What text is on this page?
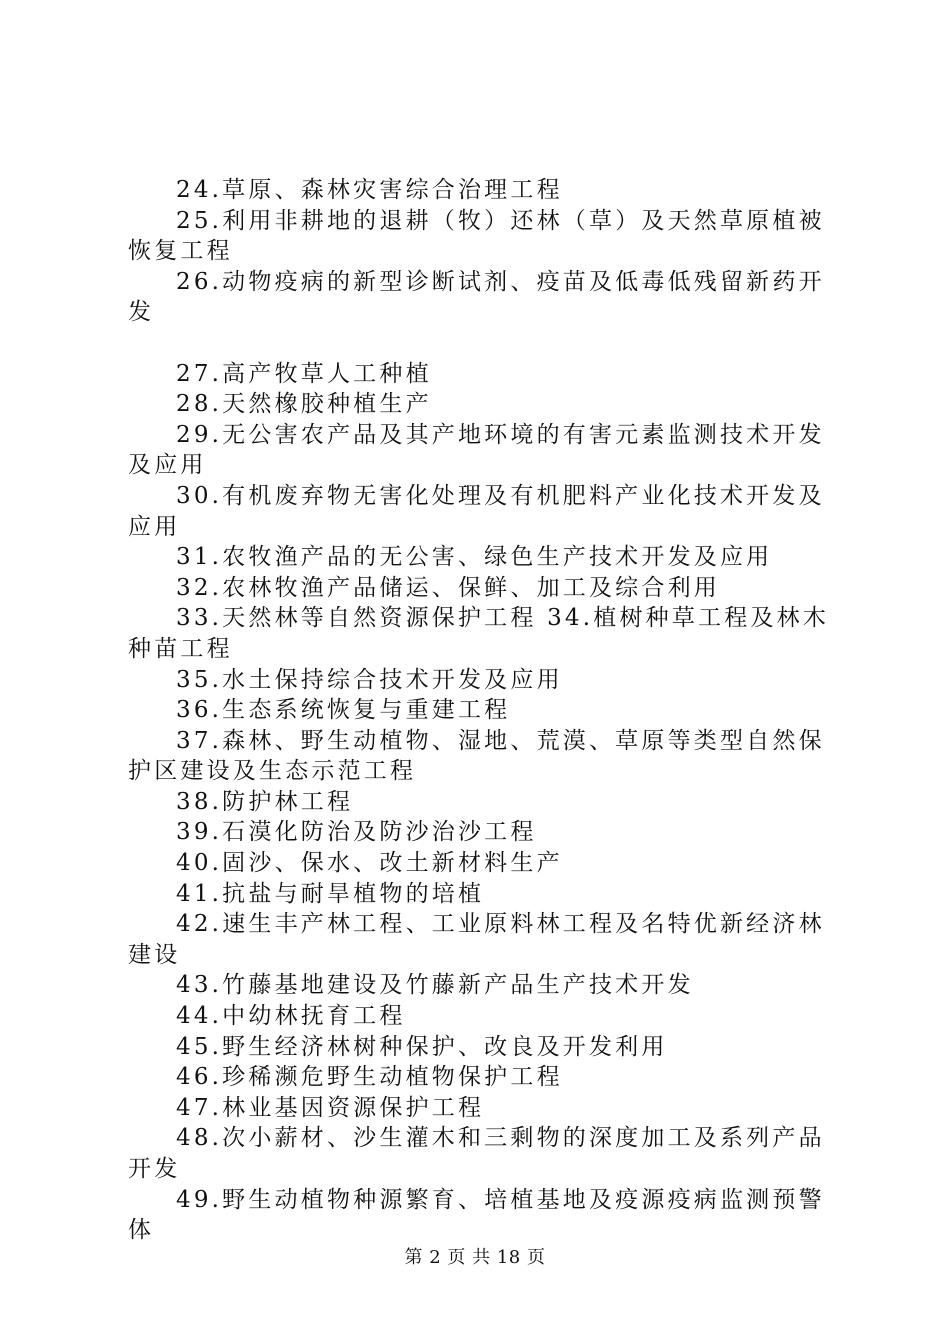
24.草原、森林灾害综合治理工程

25.利用非耕地的退耕（牧）还林（草）及天然草原植被恢复工程

26.动物疫病的新型诊断试剂、疫苗及低毒低残留新药开发

27.高产牧草人工种植

28.天然橡胶种植生产

29.无公害农产品及其产地环境的有害元素监测技术开发及应用

30.有机废弃物无害化处理及有机肥料产业化技术开发及应用

31.农牧渔产品的无公害、绿色生产技术开发及应用

32.农林牧渔产品储运、保鲜、加工及综合利用

33.天然林等自然资源保护工程 34.植树种草工程及林木种苗工程

35.水土保持综合技术开发及应用

36.生态系统恢复与重建工程

37.森林、野生动植物、湿地、荒漠、草原等类型自然保护区建设及生态示范工程

38.防护林工程

39.石漠化防治及防沙治沙工程

40.固沙、保水、改土新材料生产

41.抗盐与耐旱植物的培植

42.速生丰产林工程、工业原料林工程及名特优新经济林建设

43.竹藤基地建设及竹藤新产品生产技术开发

44.中幼林抚育工程

45.野生经济林树种保护、改良及开发利用

46.珍稀濒危野生动植物保护工程

47.林业基因资源保护工程

48.次小薪材、沙生灌木和三剩物的深度加工及系列产品开发

49.野生动植物种源繁育、培植基地及疫源疫病监测预警体

第 2 页 共 18 页
